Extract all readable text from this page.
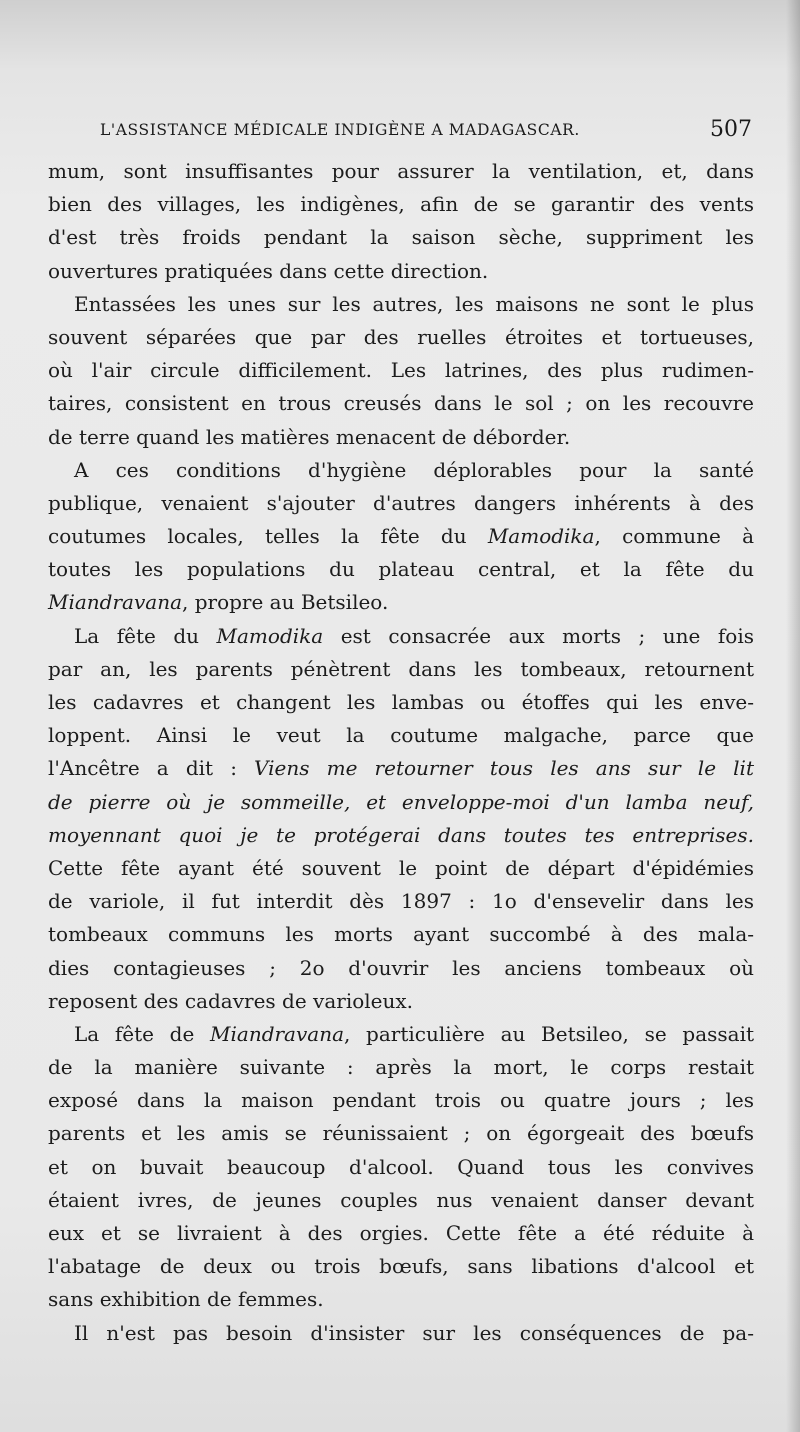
L'ASSISTANCE MÉDICALE INDIGÈNE A MADAGASCAR.	507
mum, sont insuffisantes pour assurer la ventilation, et, dans
bien des villages, les indigènes, afin de se garantir des vents
d'est très froids pendant la saison sèche, suppriment les
ouvertures pratiquées dans cette direction.
Entassées les unes sur les autres, les maisons ne sont le plus
souvent séparées que par des ruelles étroites et tortueuses,
où l'air circule difficilement. Les latrines, des plus rudimen-
taires, consistent en trous creusés dans le sol ; on les recouvre
de terre quand les matières menacent de déborder.
A ces conditions d'hygiène déplorables pour la santé
publique, venaient s'ajouter d'autres dangers inhérents à des
coutumes locales, telles la fête du Mamodika, commune à
toutes les populations du plateau central, et la fête du
Miandravana, propre au Betsileo.
La fête du Mamodika est consacrée aux morts ; une fois
par an, les parents pénètrent dans les tombeaux, retournent
les cadavres et changent les lambas ou étoffes qui les enve-
loppent. Ainsi le veut la coutume malgache, parce que
l'Ancêtre a dit : Viens me retourner tous les ans sur le lit
de pierre où je sommeille, et enveloppe-moi d'un lamba neuf,
moyennant quoi je te protégerai dans toutes tes entreprises.
Cette fête ayant été souvent le point de départ d'épidémies
de variole, il fut interdit dès 1897 : 1o d'ensevelir dans les
tombeaux communs les morts ayant succombé à des mala-
dies contagieuses ; 2o d'ouvrir les anciens tombeaux où
reposent des cadavres de varioleux.
La fête de Miandravana, particulière au Betsileo, se passait
de la manière suivante : après la mort, le corps restait
exposé dans la maison pendant trois ou quatre jours ; les
parents et les amis se réunissaient ; on égorgeait des bœufs
et on buvait beaucoup d'alcool. Quand tous les convives
étaient ivres, de jeunes couples nus venaient danser devant
eux et se livraient à des orgies. Cette fête a été réduite à
l'abatage de deux ou trois bœufs, sans libations d'alcool et
sans exhibition de femmes.
Il n'est pas besoin d'insister sur les conséquences de pa-
